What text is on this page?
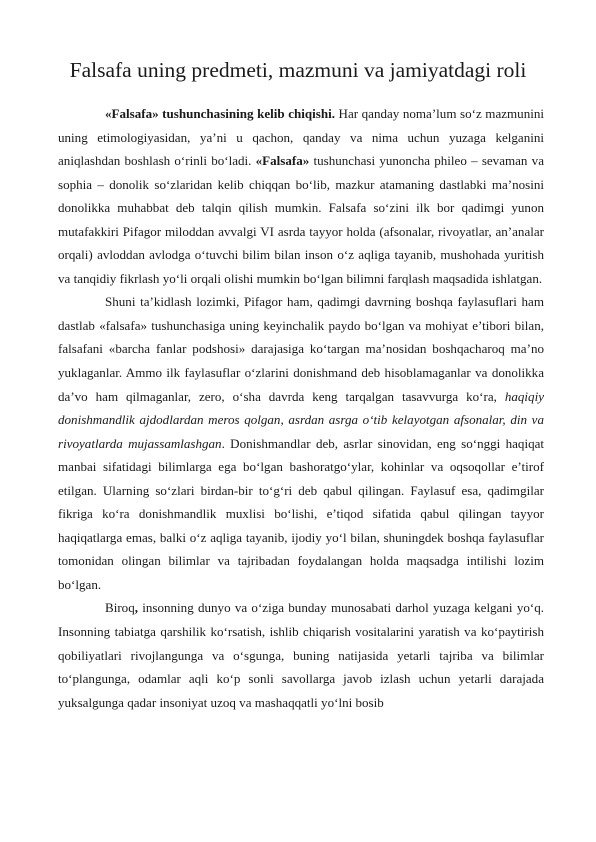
Falsafa uning predmeti, mazmuni va jamiyatdagi roli

«Falsafa» tushunchasining kelib chiqishi. Har qanday noma’lum so‘z mazmunini uning etimologiyasidan, ya’ni u qachon, qanday va nima uchun yuzaga kelganini aniqlashdan boshlash o‘rinli bo‘ladi. «Falsafa» tushunchasi yunoncha phileo – sevaman va sophia – donolik so‘zlaridan kelib chiqqan bo‘lib, mazkur atamaning dastlabki ma’nosini donolikka muhabbat deb talqin qilish mumkin. Falsafa so‘zini ilk bor qadimgi yunon mutafakkiri Pifagor miloddan avvalgi VI asrda tayyor holda (afsonalar, rivoyatlar, an’analar orqali) avloddan avlodga o‘tuvchi bilim bilan inson o‘z aqliga tayanib, mushohada yuritish va tanqidiy fikrlash yo‘li orqali olishi mumkin bo‘lgan bilimni farqlash maqsadida ishlatgan.

Shuni ta’kidlash lozimki, Pifagor ham, qadimgi davrning boshqa faylasuflari ham dastlab «falsafa» tushunchasiga uning keyinchalik paydo bo‘lgan va mohiyat e’tibori bilan, falsafani «barcha fanlar podshosi» darajasiga ko‘targan ma’nosidan boshqacharoq ma’no yuklaganlar. Ammo ilk faylasuflar o‘zlarini donishmand deb hisoblamaganlar va donolikka da’vo ham qilmaganlar, zero, o‘sha davrda keng tarqalgan tasavvurga ko‘ra, haqiqiy donishmandlik ajdodlardan meros qolgan, asrdan asrga o‘tib kelayotgan afsonalar, din va rivoyatlarda mujassamlashgan. Donishmandlar deb, asrlar sinovidan, eng so‘nggi haqiqat manbai sifatidagi bilimlarga ega bo‘lgan bashoratgo‘ylar, kohinlar va oqsoqollar e’tirof etilgan. Ularning so‘zlari birdan-bir to‘g‘ri deb qabul qilingan. Faylasuf esa, qadimgilar fikriga ko‘ra donishmandlik muxlisi bo‘lishi, e’tiqod sifatida qabul qilingan tayyor haqiqatlarga emas, balki o‘z aqliga tayanib, ijodiy yo‘l bilan, shuningdek boshqa faylasuflar tomonidan olingan bilimlar va tajribadan foydalangan holda maqsadga intilishi lozim bo‘lgan.

Biroq, insonning dunyo va o‘ziga bunday munosabati darhol yuzaga kelgani yo‘q. Insonning tabiatga qarshilik ko‘rsatish, ishlib chiqarish vositalarini yaratish va ko‘paytirish qobiliyatlari rivojlangunga va o‘sgunga, buning natijasida yetarli tajriba va bilimlar to‘plangunga, odamlar aqli ko‘p sonli savollarga javob izlash uchun yetarli darajada yuksalgunga qadar insoniyat uzoq va mashaqqatli yo‘lni bosib
